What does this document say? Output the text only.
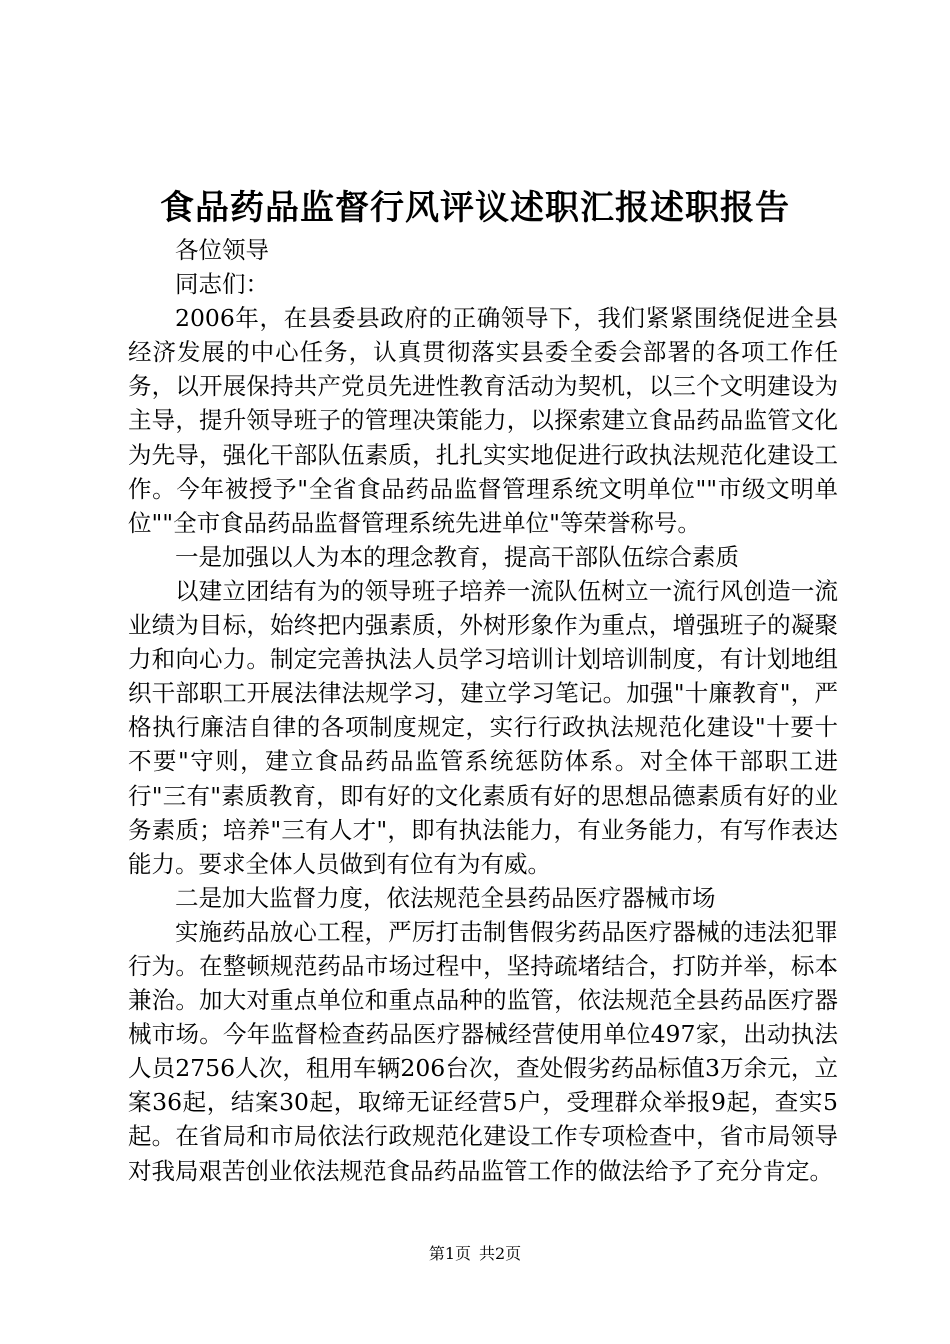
食品药品监督行风评议述职汇报述职报告

各位领导

同志们：

2006年，在县委县政府的正确领导下，我们紧紧围绕促进全县经济发展的中心任务，认真贯彻落实县委全委会部署的各项工作任务，以开展保持共产党员先进性教育活动为契机，以三个文明建设为主导，提升领导班子的管理决策能力，以探索建立食品药品监管文化为先导，强化干部队伍素质，扎扎实实地促进行政执法规范化建设工作。今年被授予"全省食品药品监督管理系统文明单位""市级文明单位""全市食品药品监督管理系统先进单位"等荣誉称号。

一是加强以人为本的理念教育，提高干部队伍综合素质

以建立团结有为的领导班子培养一流队伍树立一流行风创造一流业绩为目标，始终把内强素质，外树形象作为重点，增强班子的凝聚力和向心力。制定完善执法人员学习培训计划培训制度，有计划地组织干部职工开展法律法规学习，建立学习笔记。加强"十廉教育"，严格执行廉洁自律的各项制度规定，实行行政执法规范化建设"十要十不要"守则，建立食品药品监管系统惩防体系。对全体干部职工进行"三有"素质教育，即有好的文化素质有好的思想品德素质有好的业务素质；培养"三有人才"，即有执法能力，有业务能力，有写作表达能力。要求全体人员做到有位有为有威。

二是加大监督力度，依法规范全县药品医疗器械市场

实施药品放心工程，严厉打击制售假劣药品医疗器械的违法犯罪行为。在整顿规范药品市场过程中，坚持疏堵结合，打防并举，标本兼治。加大对重点单位和重点品种的监管，依法规范全县药品医疗器械市场。今年监督检查药品医疗器械经营使用单位497家，出动执法人员2756人次，租用车辆206台次，查处假劣药品标值3万余元，立案36起，结案30起，取缔无证经营5户，受理群众举报9起，查实5起。在省局和市局依法行政规范化建设工作专项检查中，省市局领导对我局艰苦创业依法规范食品药品监管工作的做法给予了充分肯定。

第1页 共2页
